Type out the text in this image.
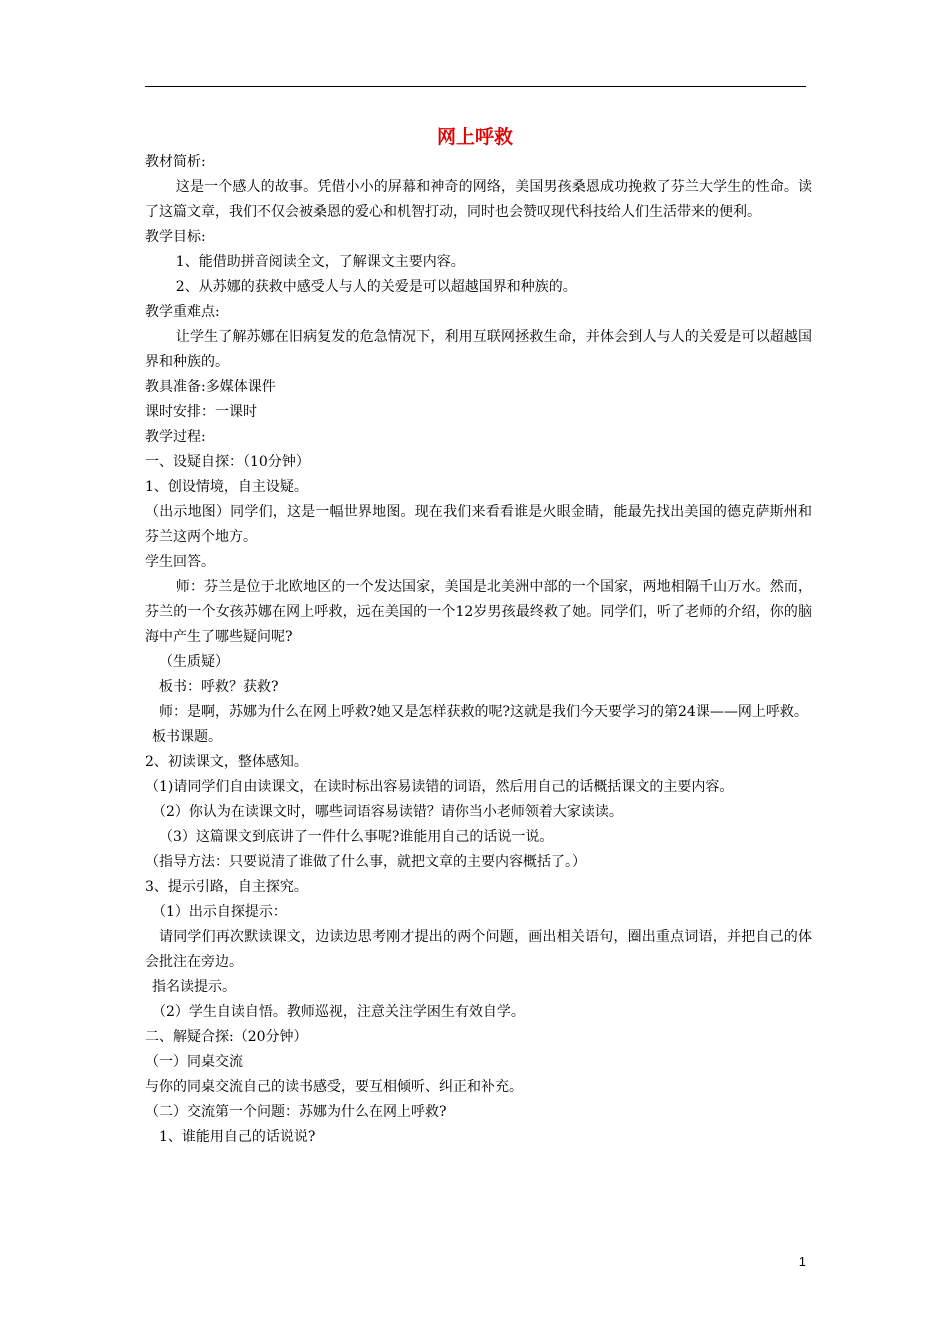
网上呼救

教材简析:

这是一个感人的故事。凭借小小的屏幕和神奇的网络，美国男孩桑恩成功挽救了芬兰大学生的性命。读了这篇文章，我们不仅会被桑恩的爱心和机智打动，同时也会赞叹现代科技给人们生活带来的便利。

教学目标:

1、能借助拼音阅读全文，了解课文主要内容。

2、从苏娜的获救中感受人与人的关爱是可以超越国界和种族的。

教学重难点:

让学生了解苏娜在旧病复发的危急情况下，利用互联网拯救生命，并体会到人与人的关爱是可以超越国界和种族的。

教具准备:多媒体课件

课时安排：一课时

教学过程:

一、设疑自探：（10分钟）

1、创设情境，自主设疑。

（出示地图）同学们，这是一幅世界地图。现在我们来看看谁是火眼金睛，能最先找出美国的德克萨斯州和芬兰这两个地方。

学生回答。

师：芬兰是位于北欧地区的一个发达国家，美国是北美洲中部的一个国家，两地相隔千山万水。然而，芬兰的一个女孩苏娜在网上呼救，远在美国的一个12岁男孩最终救了她。同学们，听了老师的介绍，你的脑海中产生了哪些疑问呢?

（生质疑）

板书：呼救？获救?

师：是啊，苏娜为什么在网上呼救?她又是怎样获救的呢?这就是我们今天要学习的第24课——网上呼救。

板书课题。

2、初读课文，整体感知。

（1)请同学们自由读课文，在读时标出容易读错的词语，然后用自己的话概括课文的主要内容。

（2）你认为在读课文时，哪些词语容易读错？请你当小老师领着大家读读。

（3）这篇课文到底讲了一件什么事呢?谁能用自己的话说一说。

（指导方法：只要说清了谁做了什么事，就把文章的主要内容概括了。）

3、提示引路，自主探究。

（1）出示自探提示：

请同学们再次默读课文，边读边思考刚才提出的两个问题，画出相关语句，圈出重点词语，并把自己的体会批注在旁边。

指名读提示。

（2）学生自读自悟。教师巡视，注意关注学困生有效自学。

二、解疑合探:（20分钟）

（一）同桌交流

与你的同桌交流自己的读书感受，要互相倾听、纠正和补充。

（二）交流第一个问题：苏娜为什么在网上呼救?

1、谁能用自己的话说说?

1
